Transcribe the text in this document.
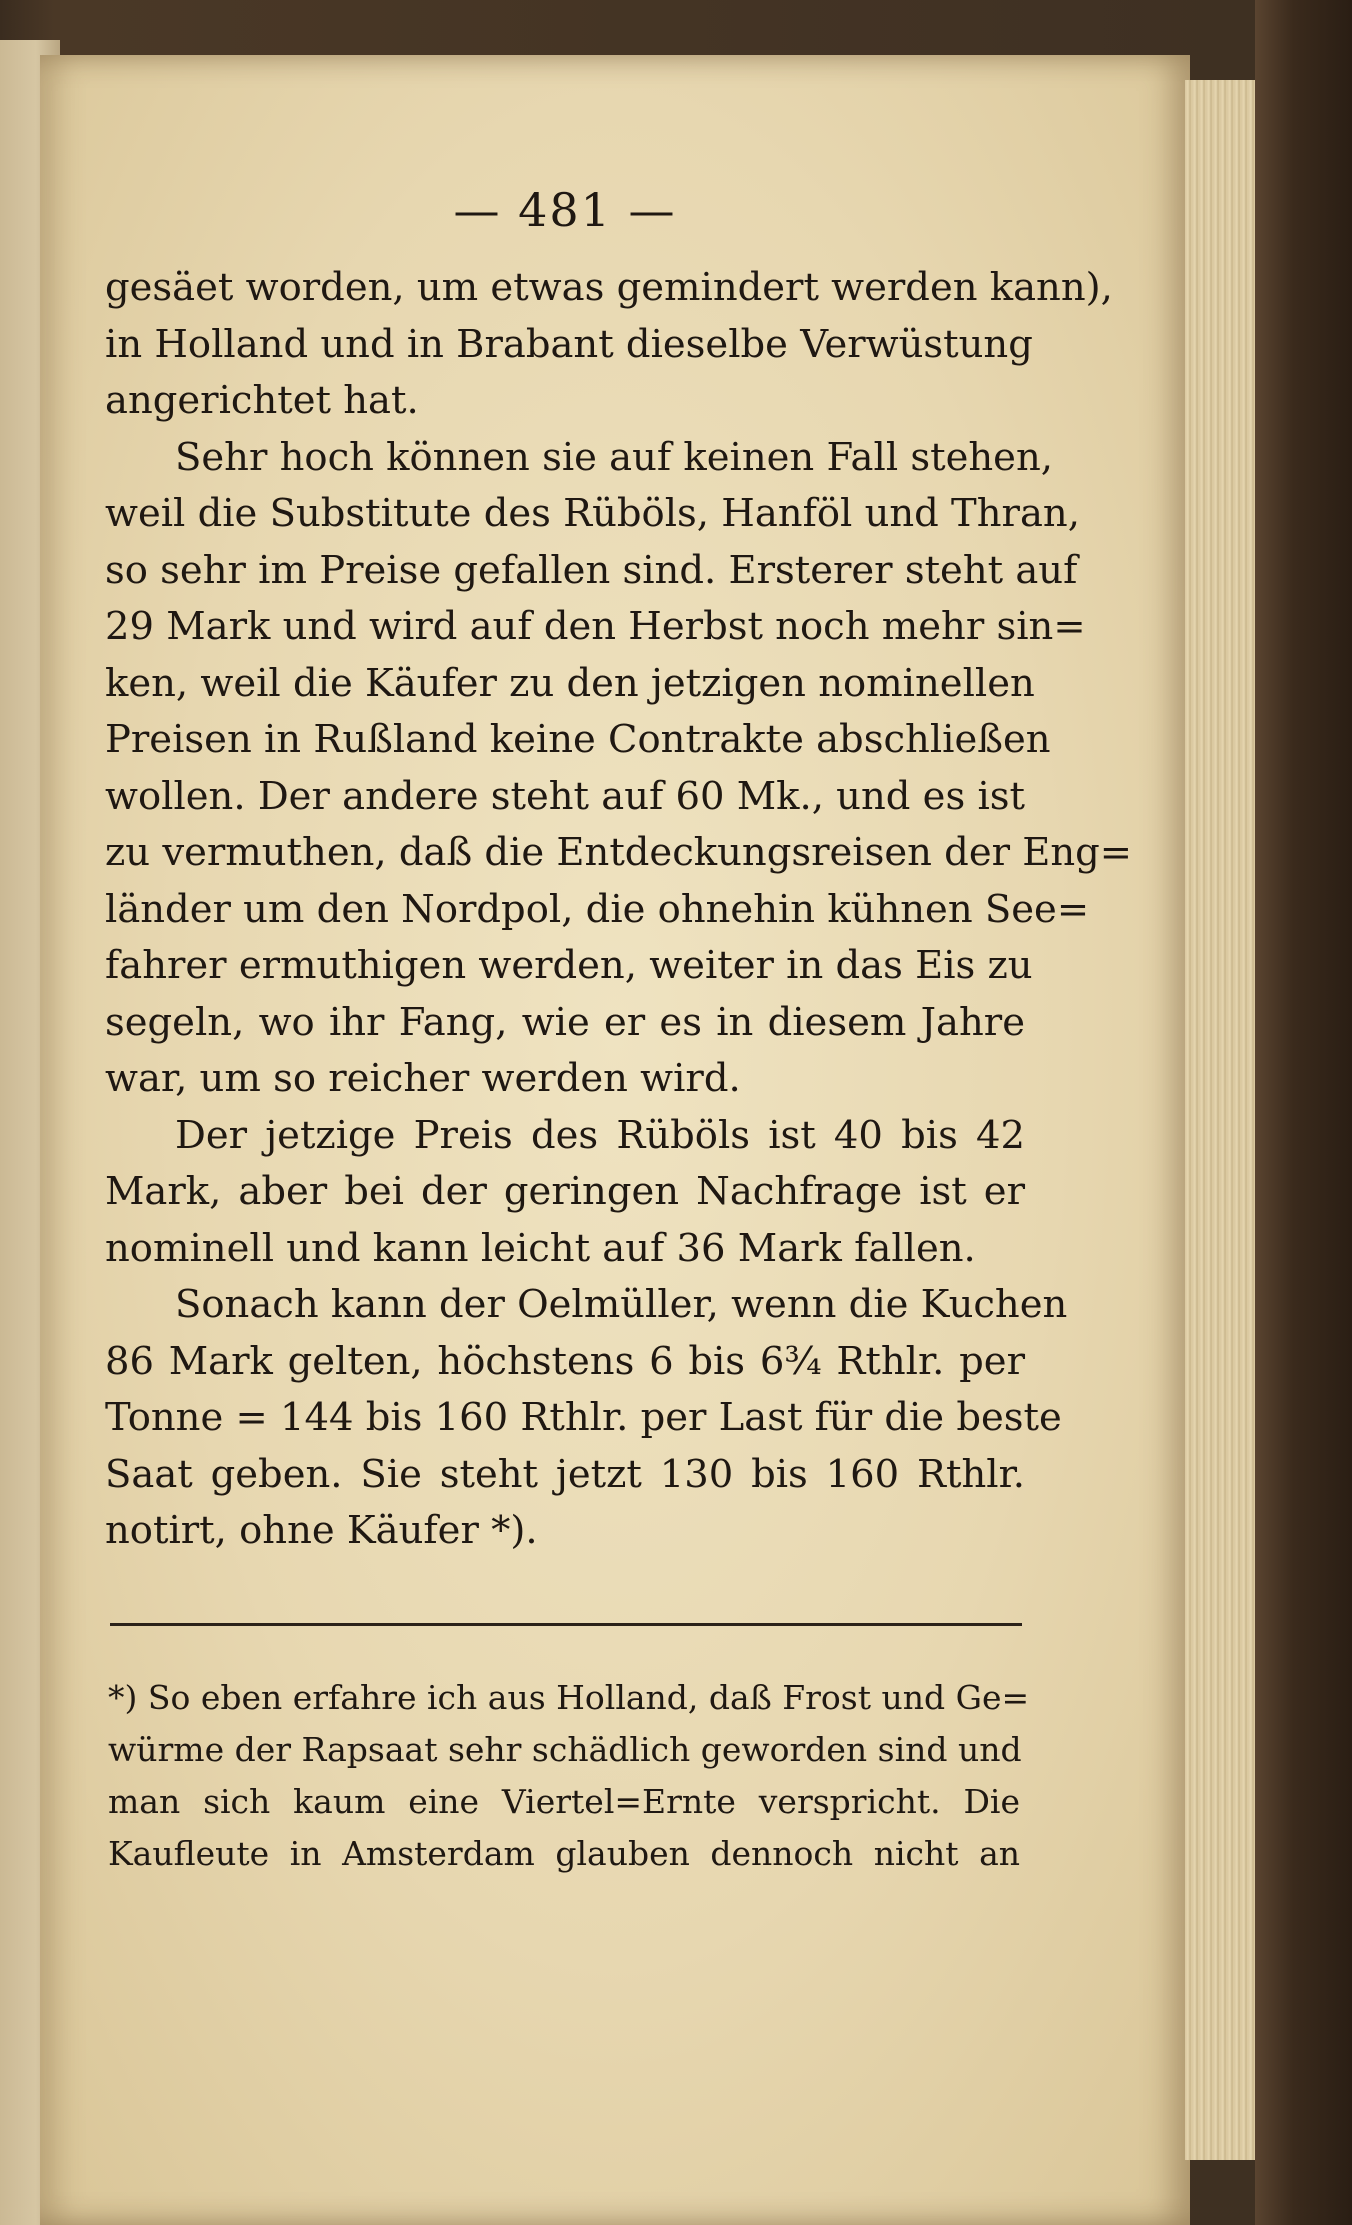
— 481 —
gesäet worden, um etwas gemindert werden kann),
in Holland und in Brabant dieselbe Verwüstung
angerichtet hat.
Sehr hoch können sie auf keinen Fall stehen,
weil die Substitute des Rüböls, Hanföl und Thran,
so sehr im Preise gefallen sind. Ersterer steht auf
29 Mark und wird auf den Herbst noch mehr sin=
ken, weil die Käufer zu den jetzigen nominellen
Preisen in Rußland keine Contrakte abschließen
wollen. Der andere steht auf 60 Mk., und es ist
zu vermuthen, daß die Entdeckungsreisen der Eng=
länder um den Nordpol, die ohnehin kühnen See=
fahrer ermuthigen werden, weiter in das Eis zu
segeln, wo ihr Fang, wie er es in diesem Jahre
war, um so reicher werden wird.
Der jetzige Preis des Rüböls ist 40 bis 42
Mark, aber bei der geringen Nachfrage ist er
nominell und kann leicht auf 36 Mark fallen.
Sonach kann der Oelmüller, wenn die Kuchen
86 Mark gelten, höchstens 6 bis 6¾ Rthlr. per
Tonne = 144 bis 160 Rthlr. per Last für die beste
Saat geben. Sie steht jetzt 130 bis 160 Rthlr.
notirt, ohne Käufer *).
*) So eben erfahre ich aus Holland, daß Frost und Ge=
würme der Rapsaat sehr schädlich geworden sind und
man sich kaum eine Viertel=Ernte verspricht. Die
Kaufleute in Amsterdam glauben dennoch nicht an
